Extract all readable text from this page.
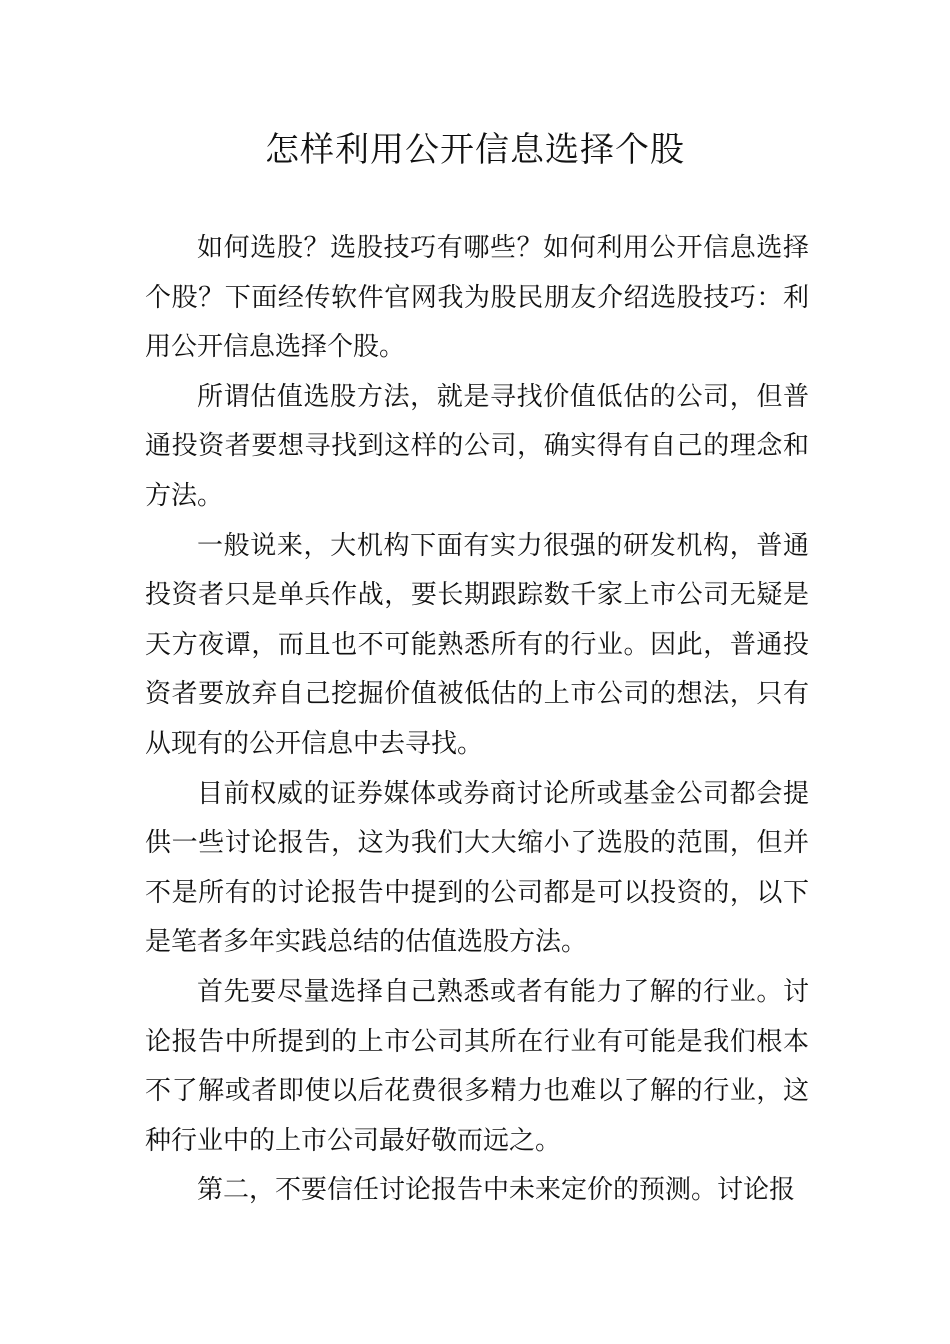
怎样利用公开信息选择个股

如何选股？选股技巧有哪些？如何利用公开信息选择个股？下面经传软件官网我为股民朋友介绍选股技巧：利用公开信息选择个股。

所谓估值选股方法，就是寻找价值低估的公司，但普通投资者要想寻找到这样的公司，确实得有自己的理念和方法。

一般说来，大机构下面有实力很强的研发机构，普通投资者只是单兵作战，要长期跟踪数千家上市公司无疑是天方夜谭，而且也不可能熟悉所有的行业。因此，普通投资者要放弃自己挖掘价值被低估的上市公司的想法，只有从现有的公开信息中去寻找。

目前权威的证券媒体或券商讨论所或基金公司都会提供一些讨论报告，这为我们大大缩小了选股的范围，但并不是所有的讨论报告中提到的公司都是可以投资的，以下是笔者多年实践总结的估值选股方法。

首先要尽量选择自己熟悉或者有能力了解的行业。讨论报告中所提到的上市公司其所在行业有可能是我们根本不了解或者即使以后花费很多精力也难以了解的行业，这种行业中的上市公司最好敬而远之。

第二，不要信任讨论报告中未来定价的预测。讨论报
